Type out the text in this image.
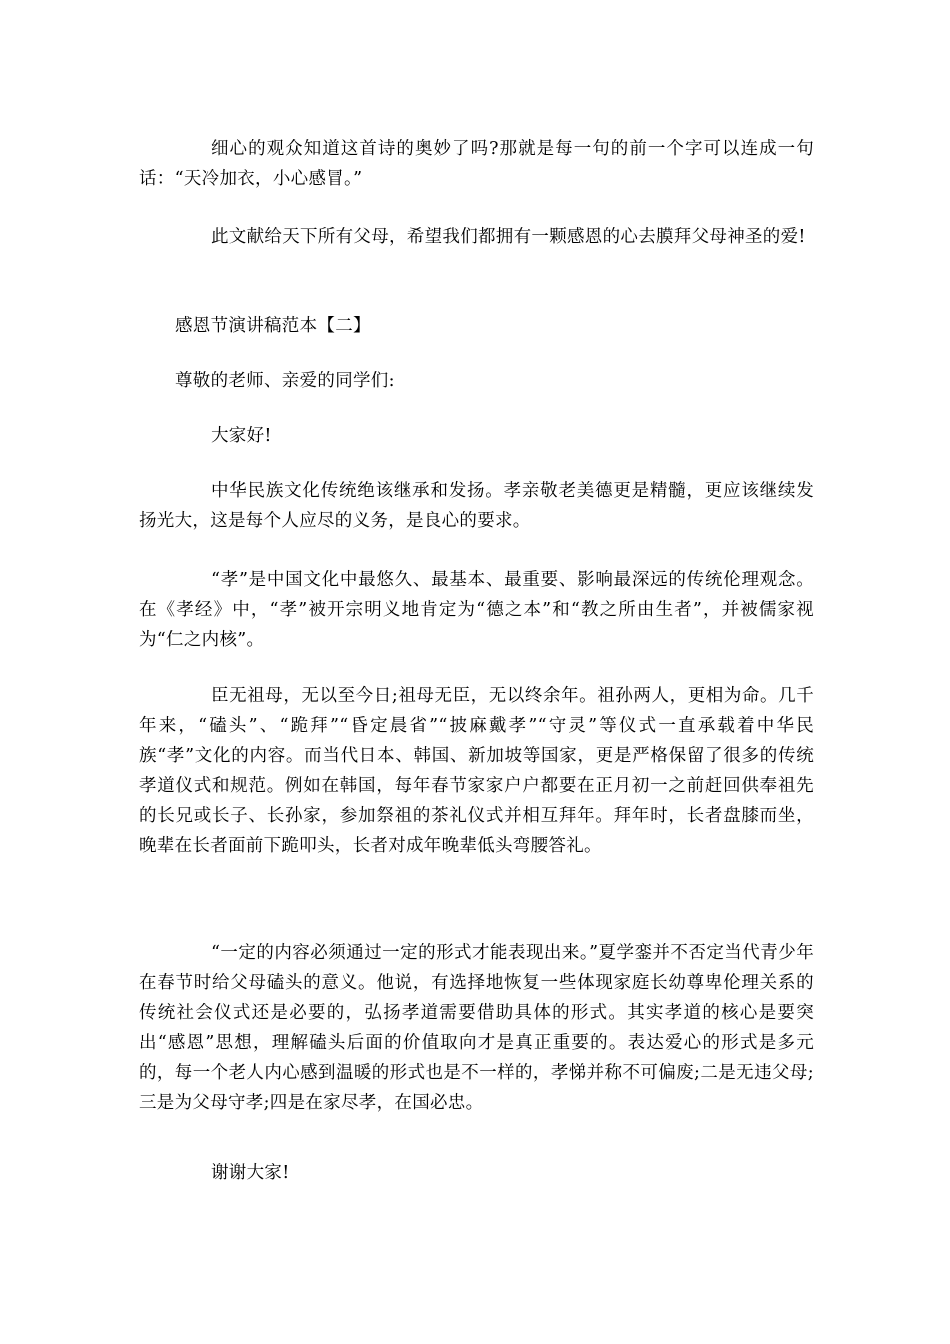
细心的观众知道这首诗的奥妙了吗?那就是每一句的前一个字可以连成一句话：“天冷加衣，小心感冒。”

此文献给天下所有父母，希望我们都拥有一颗感恩的心去膜拜父母神圣的爱!

感恩节演讲稿范本【二】

尊敬的老师、亲爱的同学们:

大家好!

中华民族文化传统绝该继承和发扬。孝亲敬老美德更是精髓，更应该继续发扬光大，这是每个人应尽的义务，是良心的要求。

“孝”是中国文化中最悠久、最基本、最重要、影响最深远的传统伦理观念。在《孝经》中，“孝”被开宗明义地肯定为“德之本”和“教之所由生者”，并被儒家视为“仁之内核”。

臣无祖母，无以至今日;祖母无臣，无以终余年。祖孙两人，更相为命。几千年来，“磕头”、“跪拜”“昏定晨省”“披麻戴孝”“守灵”等仪式一直承载着中华民族“孝”文化的内容。而当代日本、韩国、新加坡等国家，更是严格保留了很多的传统孝道仪式和规范。例如在韩国，每年春节家家户户都要在正月初一之前赶回供奉祖先的长兄或长子、长孙家，参加祭祖的茶礼仪式并相互拜年。拜年时，长者盘膝而坐，晚辈在长者面前下跪叩头，长者对成年晚辈低头弯腰答礼。

“一定的内容必须通过一定的形式才能表现出来。”夏学銮并不否定当代青少年在春节时给父母磕头的意义。他说，有选择地恢复一些体现家庭长幼尊卑伦理关系的传统社会仪式还是必要的，弘扬孝道需要借助具体的形式。其实孝道的核心是要突出“感恩”思想，理解磕头后面的价值取向才是真正重要的。表达爱心的形式是多元的，每一个老人内心感到温暖的形式也是不一样的，孝悌并称不可偏废;二是无违父母;三是为父母守孝;四是在家尽孝，在国必忠。

谢谢大家!
